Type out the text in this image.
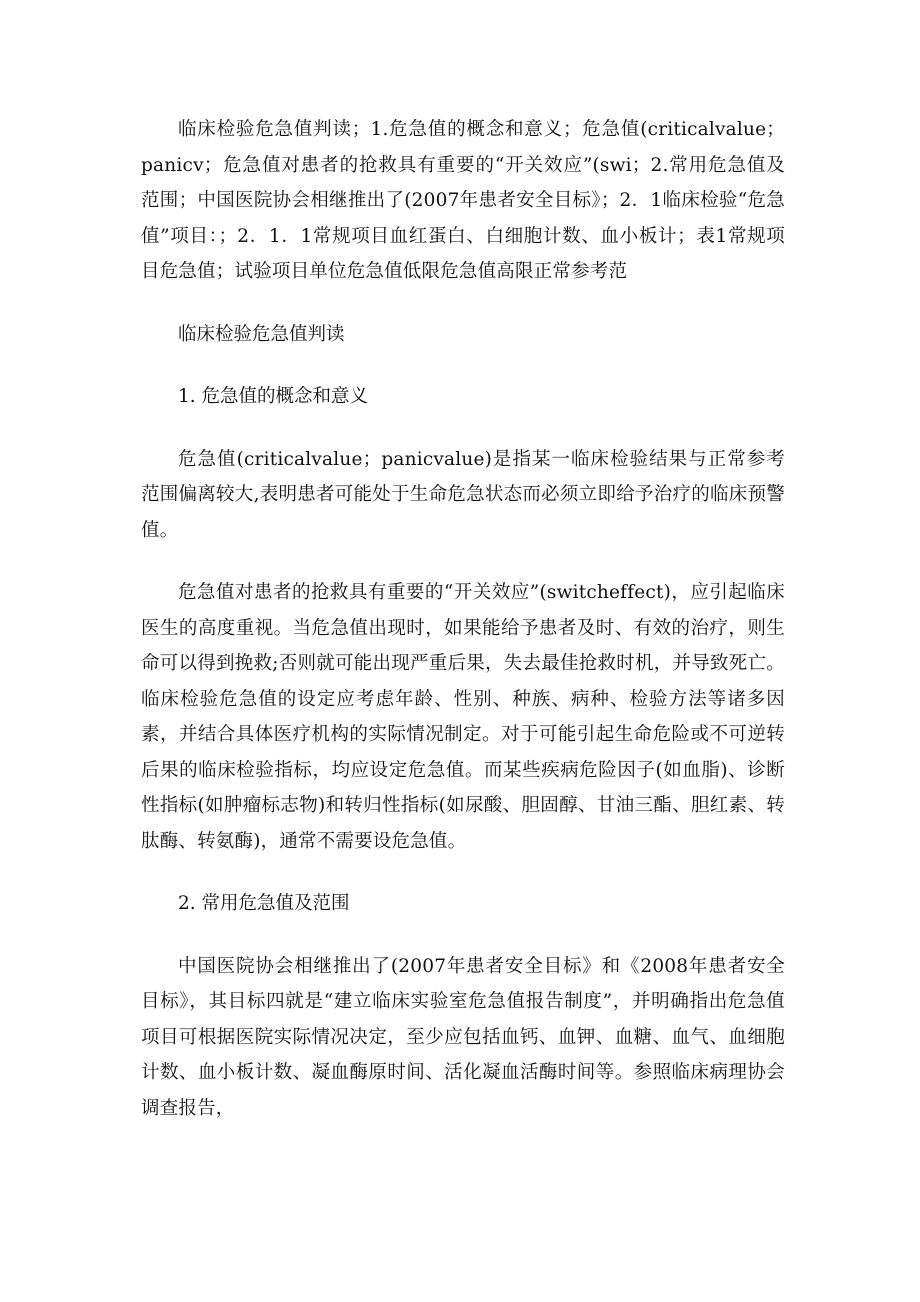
临床检验危急值判读；1.危急值的概念和意义；危急值(criticalvalue；panicv；危急值对患者的抢救具有重要的“开关效应”(swi；2.常用危急值及范围；中国医院协会相继推出了(2007年患者安全目标》；2．1临床检验“危急值”项目：；2．1．1常规项目血红蛋白、白细胞计数、血小板计；表1常规项目危急值；试验项目单位危急值低限危急值高限正常参考范

临床检验危急值判读

1. 危急值的概念和意义

危急值(criticalvalue；panicvalue)是指某一临床检验结果与正常参考范围偏离较大,表明患者可能处于生命危急状态而必须立即给予治疗的临床预警值。

危急值对患者的抢救具有重要的“开关效应”(switcheffect)，应引起临床医生的高度重视。当危急值出现时，如果能给予患者及时、有效的治疗，则生命可以得到挽救;否则就可能出现严重后果，失去最佳抢救时机，并导致死亡。临床检验危急值的设定应考虑年龄、性别、种族、病种、检验方法等诸多因素，并结合具体医疗机构的实际情况制定。对于可能引起生命危险或不可逆转后果的临床检验指标，均应设定危急值。而某些疾病危险因子(如血脂)、诊断性指标(如肿瘤标志物)和转归性指标(如尿酸、胆固醇、甘油三酯、胆红素、转肽酶、转氨酶)，通常不需要设危急值。

2. 常用危急值及范围

中国医院协会相继推出了(2007年患者安全目标》和《2008年患者安全目标》，其目标四就是“建立临床实验室危急值报告制度”，并明确指出危急值项目可根据医院实际情况决定，至少应包括血钙、血钾、血糖、血气、血细胞计数、血小板计数、凝血酶原时间、活化凝血活酶时间等。参照临床病理协会调查报告，
